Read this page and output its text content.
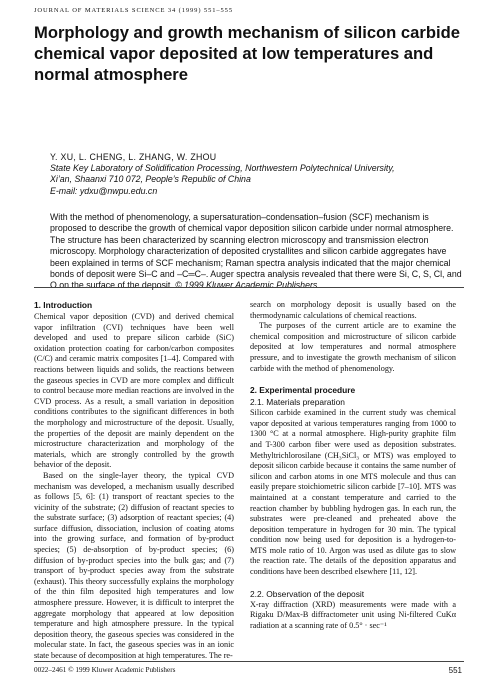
JOURNAL OF MATERIALS SCIENCE 34 (1999) 551–555
Morphology and growth mechanism of silicon carbide chemical vapor deposited at low temperatures and normal atmosphere
Y. XU, L. CHENG, L. ZHANG, W. ZHOU
State Key Laboratory of Solidification Processing, Northwestern Polytechnical University,
Xi’an, Shaanxi 710 072, People’s Republic of China
E-mail: ydxu@nwpu.edu.cn

With the method of phenomenology, a supersaturation–condensation–fusion (SCF) mechanism is proposed to describe the growth of chemical vapor deposition silicon carbide under normal atmosphere. The structure has been characterized by scanning electron microscopy and transmission electron microscopy. Morphology characterization of deposited crystallites and silicon carbide aggregates have been explained in terms of SCF mechanism; Raman spectra analysis indicated that the major chemical bonds of deposit were Si–C and –C═C–. Auger spectra analysis revealed that there were Si, C, S, Cl, and O on the surface of the deposit. © 1999 Kluwer Academic Publishers

1. Introduction

Chemical vapor deposition (CVD) and derived chemical vapor infiltration (CVI) techniques have been well developed and used to prepare silicon carbide (SiC) oxidation protection coating for carbon/carbon composites (C/C) and ceramic matrix composites [1–4]. Compared with reactions between liquids and solids, the reactions between the gaseous species in CVD are more complex and difficult to control because more median reactions are involved in the CVD process. As a result, a small variation in deposition conditions contributes to the significant differences in both the morphology and microstructure of the deposit. Usually, the properties of the deposit are mainly dependent on the microstructure characterization and morphology of the materials, which are strongly controlled by the growth behavior of the deposit.

Based on the single-layer theory, the typical CVD mechanism was developed, a mechanism usually described as follows [5, 6]: (1) transport of reactant species to the vicinity of the substrate; (2) diffusion of reactant species to the substrate surface; (3) adsorption of reactant species; (4) surface diffusion, dissociation, inclusion of coating atoms into the growing surface, and formation of by-product species; (5) de-absorption of by-product species; (6) diffusion of by-product species into the bulk gas; and (7) transport of by-product species away from the substrate (exhaust). This theory successfully explains the morphology of the thin film deposited high temperatures and low atmosphere pressure. However, it is difficult to interpret the aggregate morphology that appeared at low deposition temperature and high atmosphere pressure. In the typical deposition theory, the gaseous species was considered in the molecular state. In fact, the gaseous species was in an ionic state because of decomposition at high temperatures. The re-

search on morphology deposit is usually based on the thermodynamic calculations of chemical reactions.

The purposes of the current article are to examine the chemical composition and microstructure of silicon carbide deposited at low temperatures and normal atmosphere pressure, and to investigate the growth mechanism of silicon carbide with the method of phenomenology.

2. Experimental procedure
2.1. Materials preparation

Silicon carbide examined in the current study was chemical vapor deposited at various temperatures ranging from 1000 to 1300 °C at a normal atmosphere. High-purity graphite film and T-300 carbon fiber were used as deposition substrates. Methyltrichlorosilane (CH₃SiCl₃ or MTS) was employed to deposit silicon carbide because it contains the same number of silicon and carbon atoms in one MTS molecule and thus can easily prepare stoichiometric silicon carbide [7–10]. MTS was maintained at a constant temperature and carried to the reaction chamber by bubbling hydrogen gas. In each run, the substrates were pre-cleaned and preheated above the deposition temperature in hydrogen for 30 min. The typical condition now being used for deposition is a hydrogen-to-MTS mole ratio of 10. Argon was used as dilute gas to slow the reaction rate. The details of the deposition apparatus and conditions have been described elsewhere [11, 12].

2.2. Observation of the deposit

X-ray diffraction (XRD) measurements were made with a Rigaku D/Max-B diffractometer unit using Ni-filtered CuKα radiation at a scanning rate of 0.5° · sec⁻¹

0022–2461 © 1999 Kluwer Academic Publishers	551
